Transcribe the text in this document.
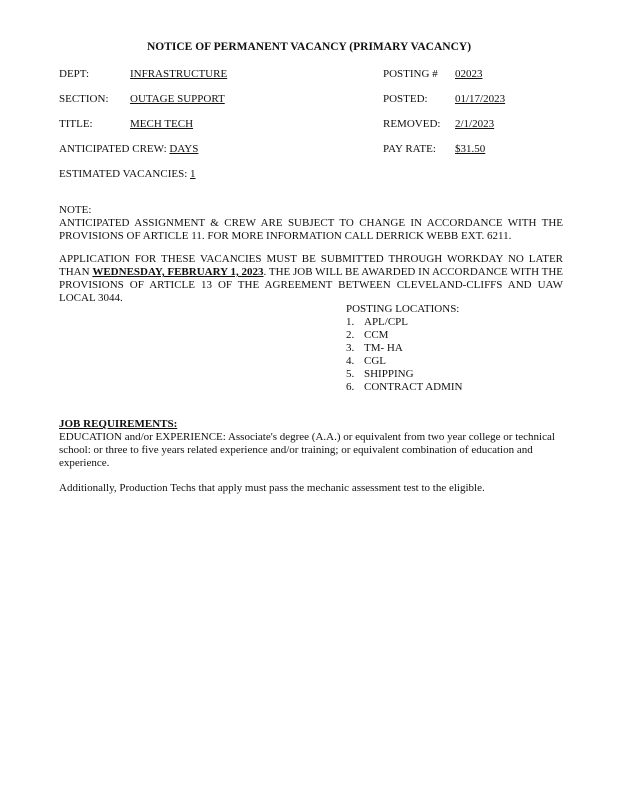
NOTICE OF PERMANENT VACANCY (PRIMARY VACANCY)
DEPT:	INFRASTRUCTURE
SECTION: OUTAGE SUPPORT
TITLE:	MECH TECH
ANTICIPATED CREW: DAYS
ESTIMATED VACANCIES: 1
POSTING # 02023
POSTED: 01/17/2023
REMOVED: 2/1/2023
PAY RATE: $31.50
NOTE:
ANTICIPATED ASSIGNMENT & CREW ARE SUBJECT TO CHANGE IN ACCORDANCE WITH THE PROVISIONS OF ARTICLE 11. FOR MORE INFORMATION CALL DERRICK WEBB EXT. 6211.
APPLICATION FOR THESE VACANCIES MUST BE SUBMITTED THROUGH WORKDAY NO LATER THAN WEDNESDAY, FEBRUARY 1, 2023. THE JOB WILL BE AWARDED IN ACCORDANCE WITH THE PROVISIONS OF ARTICLE 13 OF THE AGREEMENT BETWEEN CLEVELAND-CLIFFS AND UAW LOCAL 3044.
POSTING LOCATIONS:
1. APL/CPL
2. CCM
3. TM- HA
4. CGL
5. SHIPPING
6. CONTRACT ADMIN
JOB REQUIREMENTS:
EDUCATION and/or EXPERIENCE: Associate's degree (A.A.) or equivalent from two year college or technical school: or three to five years related experience and/or training; or equivalent combination of education and experience.
Additionally, Production Techs that apply must pass the mechanic assessment test to the eligible.
